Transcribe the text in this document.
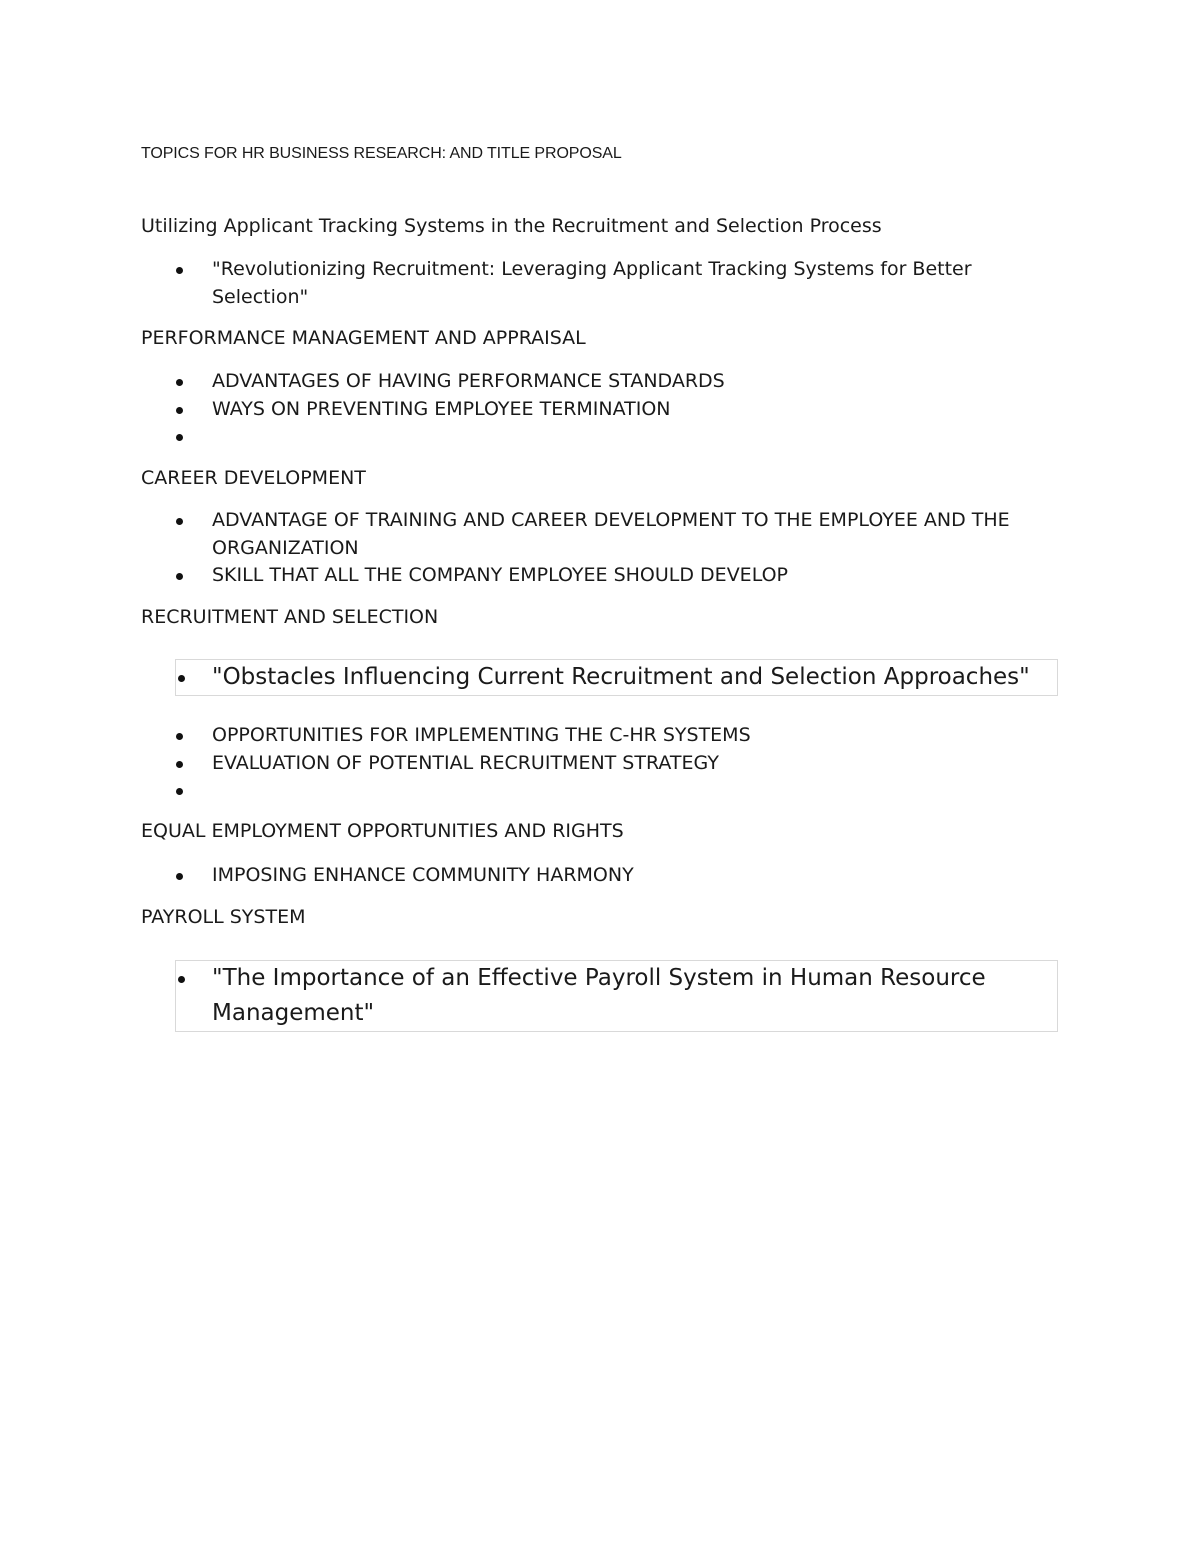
TOPICS FOR HR BUSINESS RESEARCH: AND TITLE PROPOSAL
Utilizing Applicant Tracking Systems in the Recruitment and Selection Process
"Revolutionizing Recruitment: Leveraging Applicant Tracking Systems for Better Selection"
PERFORMANCE MANAGEMENT AND APPRAISAL
ADVANTAGES OF HAVING PERFORMANCE STANDARDS
WAYS ON PREVENTING EMPLOYEE TERMINATION
CAREER DEVELOPMENT
ADVANTAGE OF TRAINING AND CAREER DEVELOPMENT TO THE EMPLOYEE AND THE ORGANIZATION
SKILL THAT ALL THE COMPANY EMPLOYEE SHOULD DEVELOP
RECRUITMENT AND SELECTION
"Obstacles Influencing Current Recruitment and Selection Approaches"
OPPORTUNITIES FOR IMPLEMENTING THE C-HR SYSTEMS
EVALUATION OF POTENTIAL RECRUITMENT STRATEGY
EQUAL EMPLOYMENT OPPORTUNITIES AND RIGHTS
IMPOSING ENHANCE COMMUNITY HARMONY
PAYROLL SYSTEM
"The Importance of an Effective Payroll System in Human Resource Management"
